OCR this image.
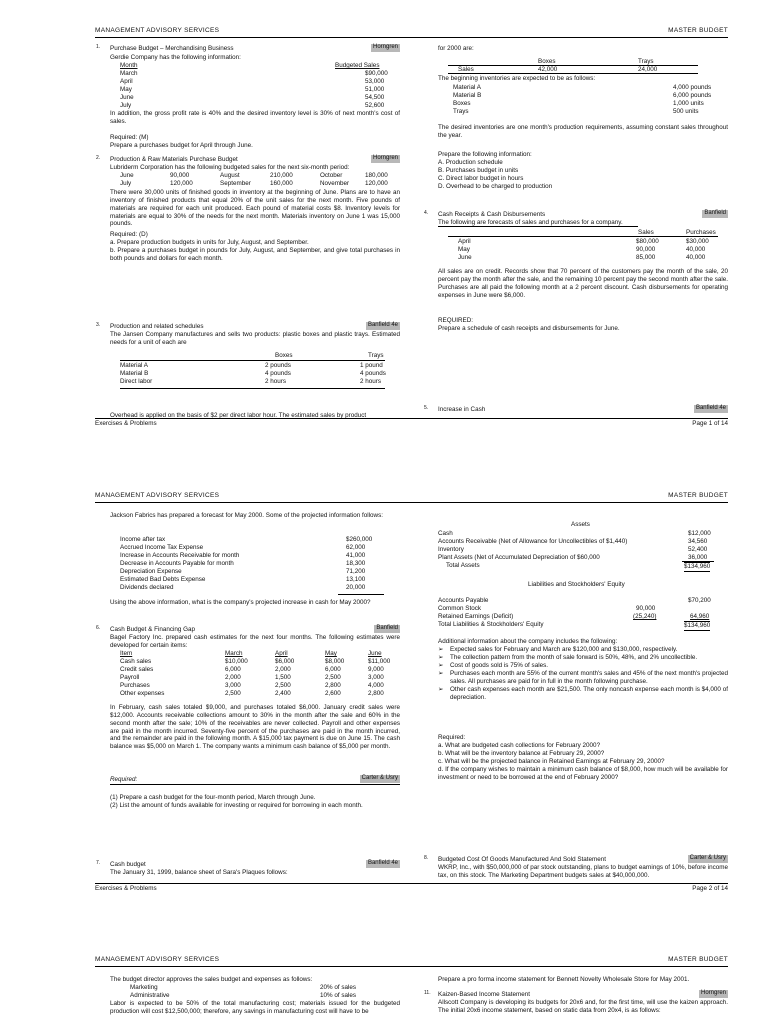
MANAGEMENT ADVISORY SERVICES	MASTER BUDGET
1. Purchase Budget – Merchandising Business	Horngren
Gerdie Company has the following information:
Month	Budgeted Sales
March	$90,000
April	53,000
May	51,000
June	54,500
July	52,600
In addition, the gross profit rate is 40% and the desired inventory level is 30% of next month's cost of sales.
Required: (M)
Prepare a purchases budget for April through June.
2. Production & Raw Materials Purchase Budget	Horngren
Lubriderm Corporation has the following budgeted sales for the next six-month period:
June	90,000	August	210,000	October	180,000
July	120,000	September	160,000	November	120,000
There were 30,000 units of finished goods in inventory at the beginning of June. Plans are to have an inventory of finished products that equal 20% of the unit sales for the next month. Five pounds of materials are required for each unit produced. Each pound of material costs $8. Inventory levels for materials are equal to 30% of the needs for the next month. Materials inventory on June 1 was 15,000 pounds.
Required: (D)
a. Prepare production budgets in units for July, August, and September.
b. Prepare a purchases budget in pounds for July, August, and September, and give total purchases in both pounds and dollars for each month.
3. Production and related schedules	Banfield 4e
The Jansen Company manufactures and sells two products: plastic boxes and plastic trays. Estimated needs for a unit of each are
Boxes	Trays
Material A	2 pounds	1 pound
Material B	4 pounds	4 pounds
Direct labor	2 hours	2 hours
Overhead is applied on the basis of $2 per direct labor hour. The estimated sales by product
for 2000 are:
Boxes	Trays
Sales	42,000	24,000
The beginning inventories are expected to be as follows:
Material A	4,000 pounds
Material B	6,000 pounds
Boxes	1,000 units
Trays	500 units
The desired inventories are one month's production requirements, assuming constant sales throughout the year.
Prepare the following information:
A. Production schedule
B. Purchases budget in units
C. Direct labor budget in hours
D. Overhead to be charged to production
4. Cash Receipts & Cash Disbursements	Banfield
The following are forecasts of sales and purchases for a company.
Sales	Purchases
April	$80,000	$30,000
May	90,000	40,000
June	85,000	40,000
All sales are on credit. Records show that 70 percent of the customers pay the month of the sale, 20 percent pay the month after the sale, and the remaining 10 percent pay the second month after the sale. Purchases are all paid the following month at a 2 percent discount. Cash disbursements for operating expenses in June were $6,000.
REQUIRED:
Prepare a schedule of cash receipts and disbursements for June.
5. Increase in Cash	Banfield 4e
Exercises & Problems	Page 1 of 14
MANAGEMENT ADVISORY SERVICES	MASTER BUDGET
Jackson Fabrics has prepared a forecast for May 2000. Some of the projected information follows:
Income after tax	$260,000
Accrued Income Tax Expense	62,000
Increase in Accounts Receivable for month	41,000
Decrease in Accounts Payable for month	18,300
Depreciation Expense	71,200
Estimated Bad Debts Expense	13,100
Dividends declared	20,000
Using the above information, what is the company's projected increase in cash for May 2000?
6. Cash Budget & Financing Gap	Banfield
Bagel Factory Inc. prepared cash estimates for the next four months. The following estimates were developed for certain items:
Item	March	April	May	June
Cash sales	$10,000	$6,000	$8,000	$11,000
Credit sales	6,000	2,000	6,000	9,000
Payroll	2,000	1,500	2,500	3,000
Purchases	3,000	2,500	2,800	4,000
Other expenses	2,500	2,400	2,600	2,800
In February, cash sales totaled $9,000, and purchases totaled $6,000. January credit sales were $12,000. Accounts receivable collections amount to 30% in the month after the sale and 60% in the second month after the sale; 10% of the receivables are never collected. Payroll and other expenses are paid in the month incurred. Seventy-five percent of the purchases are paid in the month incurred, and the remainder are paid in the following month. A $15,000 tax payment is due on June 15. The cash balance was $5,000 on March 1. The company wants a minimum cash balance of $5,000 per month.
Required:	Carter & Usry
(1) Prepare a cash budget for the four-month period, March through June.
(2) List the amount of funds available for investing or required for borrowing in each month.
7. Cash budget	Banfield 4e
The January 31, 1999, balance sheet of Sara's Plaques follows:
Assets
Cash	$12,000
Accounts Receivable (Net of Allowance for Uncollectibles of $1,440)	34,560
Inventory	52,400
Plant Assets (Net of Accumulated Depreciation of $60,000	36,000
Total Assets	$134,960
Liabilities and Stockholders' Equity
Accounts Payable	$70,200
Common Stock	90,000
Retained Earnings (Deficit)	(25,240)	64,960
Total Liabilities & Stockholders' Equity	$134,960
Additional information about the company includes the following:
➢ Expected sales for February and March are $120,000 and $130,000, respectively.
➢ The collection pattern from the month of sale forward is 50%, 48%, and 2% uncollectible.
➢ Cost of goods sold is 75% of sales.
➢ Purchases each month are 55% of the current month's sales and 45% of the next month's projected sales. All purchases are paid for in full in the month following purchase.
➢ Other cash expenses each month are $21,500. The only noncash expense each month is $4,000 of depreciation.
Required:
a. What are budgeted cash collections for February 2000?
b. What will be the inventory balance at February 29, 2000?
c. What will be the projected balance in Retained Earnings at February 29, 2000?
d. If the company wishes to maintain a minimum cash balance of $8,000, how much will be available for investment or need to be borrowed at the end of February 2000?
8. Budgeted Cost Of Goods Manufactured And Sold Statement	Carter & Usry
WKRP, Inc., with $50,000,000 of par stock outstanding, plans to budget earnings of 10%, before income tax, on this stock. The Marketing Department budgets sales at $40,000,000.
Exercises & Problems	Page 2 of 14
MANAGEMENT ADVISORY SERVICES	MASTER BUDGET
The budget director approves the sales budget and expenses as follows:
Marketing	20% of sales
Administrative	10% of sales
Labor is expected to be 50% of the total manufacturing cost; materials issued for the budgeted production will cost $12,500,000; therefore, any savings in manufacturing cost will have to be
Prepare a pro forma income statement for Bennett Novelty Wholesale Store for May 2001.
11. Kaizen-Based Income Statement	Horngren
Allscott Company is developing its budgets for 20x6 and, for the first time, will use the kaizen approach. The initial 20x6 income statement, based on static data from 20x4, is as follows:
